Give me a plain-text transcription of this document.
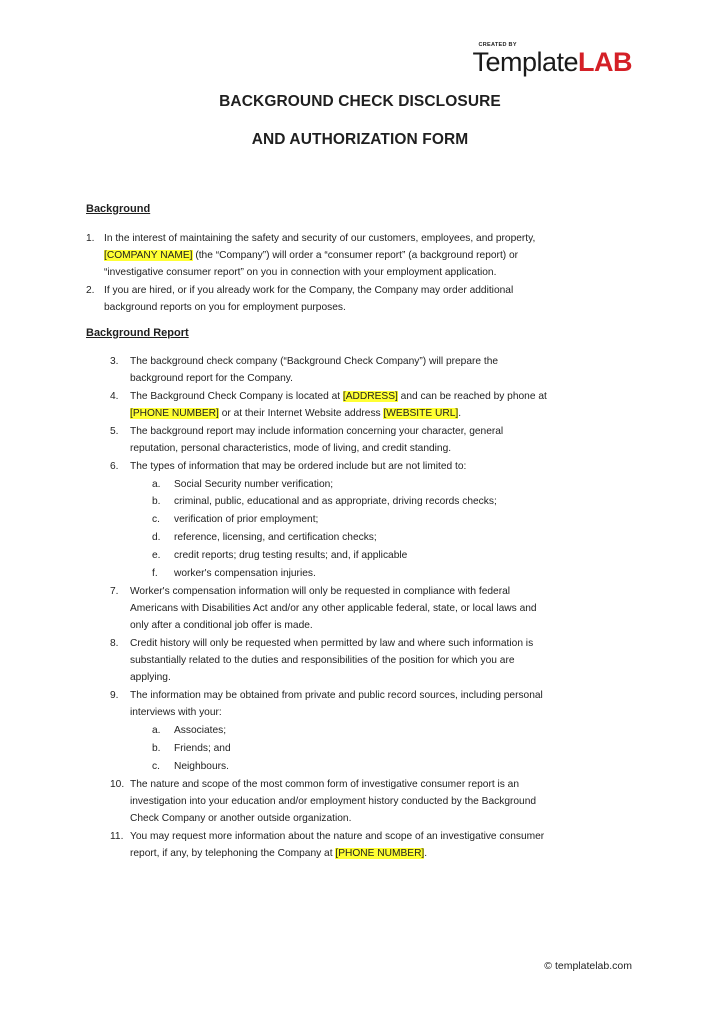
CREATED BY
TemplateLAB
BACKGROUND CHECK DISCLOSURE
AND AUTHORIZATION FORM
Background
1. In the interest of maintaining the safety and security of our customers, employees, and property,
[COMPANY NAME] (the “Company”) will order a “consumer report” (a background report) or
“investigative consumer report” on you in connection with your employment application.
2. If you are hired, or if you already work for the Company, the Company may order additional
background reports on you for employment purposes.
Background Report
3. The background check company (“Background Check Company”) will prepare the
background report for the Company.
4. The Background Check Company is located at [ADDRESS] and can be reached by phone at
[PHONE NUMBER] or at their Internet Website address [WEBSITE URL].
5. The background report may include information concerning your character, general
reputation, personal characteristics, mode of living, and credit standing.
6. The types of information that may be ordered include but are not limited to:
a. Social Security number verification;
b. criminal, public, educational and as appropriate, driving records checks;
c. verification of prior employment;
d. reference, licensing, and certification checks;
e. credit reports; drug testing results; and, if applicable
f. worker's compensation injuries.
7. Worker's compensation information will only be requested in compliance with federal
Americans with Disabilities Act and/or any other applicable federal, state, or local laws and
only after a conditional job offer is made.
8. Credit history will only be requested when permitted by law and where such information is
substantially related to the duties and responsibilities of the position for which you are
applying.
9. The information may be obtained from private and public record sources, including personal
interviews with your:
a. Associates;
b. Friends; and
c. Neighbours.
10. The nature and scope of the most common form of investigative consumer report is an
investigation into your education and/or employment history conducted by the Background
Check Company or another outside organization.
11. You may request more information about the nature and scope of an investigative consumer
report, if any, by telephoning the Company at [PHONE NUMBER].
© templatelab.com
